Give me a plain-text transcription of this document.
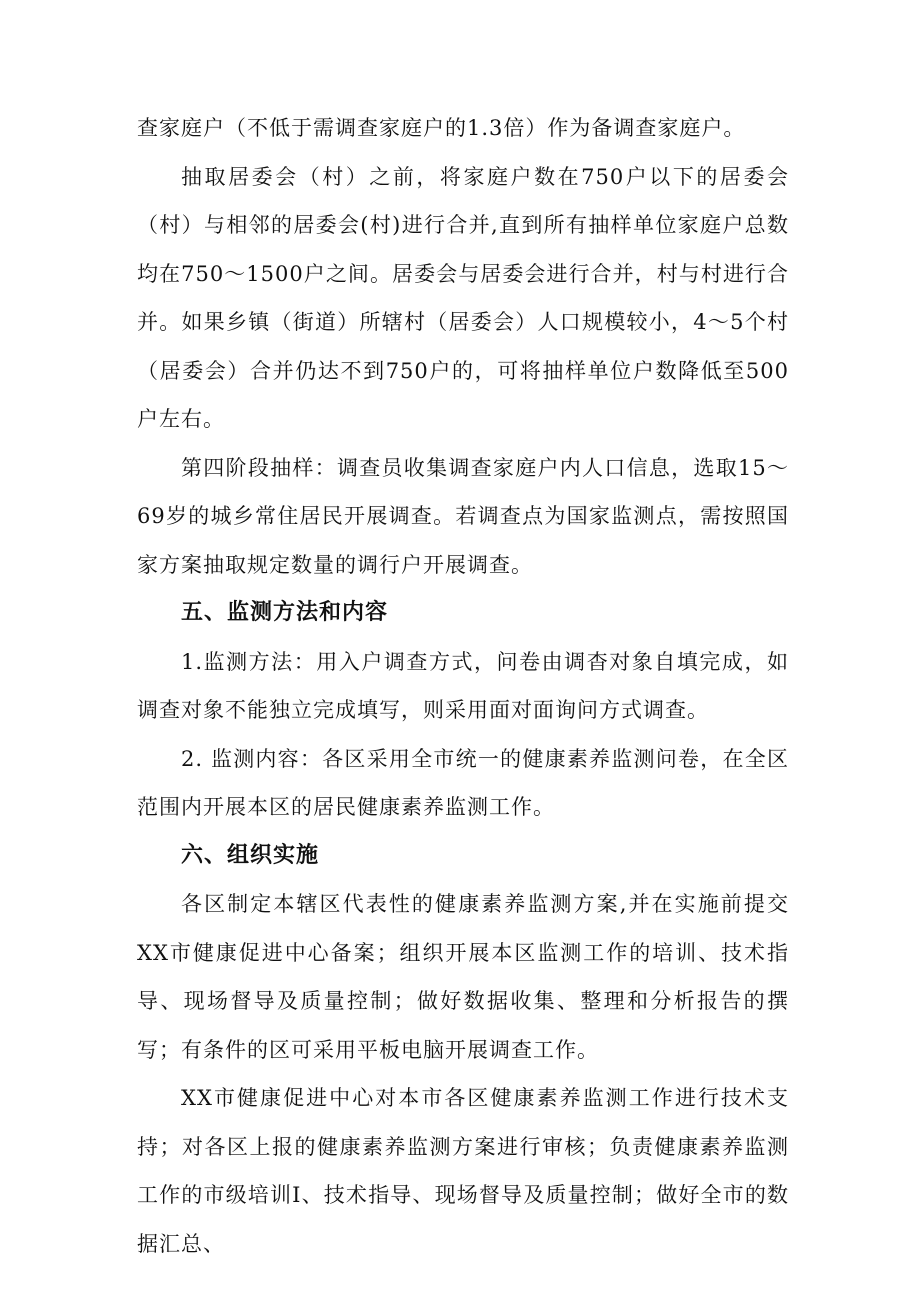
查家庭户（不低于需调查家庭户的1.3倍）作为备调查家庭户。

抽取居委会（村）之前，将家庭户数在750户以下的居委会（村）与相邻的居委会(村)进行合并,直到所有抽样单位家庭户总数均在750～1500户之间。居委会与居委会进行合并，村与村进行合并。如果乡镇（街道）所辖村（居委会）人口规模较小，4～5个村（居委会）合并仍达不到750户的，可将抽样单位户数降低至500户左右。

第四阶段抽样：调查员收集调查家庭户内人口信息，选取15～69岁的城乡常住居民开展调查。若调查点为国家监测点，需按照国家方案抽取规定数量的调行户开展调查。

五、监测方法和内容

1.监测方法：用入户调查方式，问卷由调杳对象自填完成，如调查对象不能独立完成填写，则采用面对面询问方式调查。

2. 监测内容：各区采用全市统一的健康素养监测问卷，在全区范围内开展本区的居民健康素养监测工作。

六、组织实施

各区制定本辖区代表性的健康素养监测方案,并在实施前提交XX市健康促进中心备案；组织开展本区监测工作的培训、技术指导、现场督导及质量控制；做好数据收集、整理和分析报告的撰写；有条件的区可采用平板电脑开展调查工作。

XX市健康促进中心对本市各区健康素养监测工作进行技术支持；对各区上报的健康素养监测方案进行审核；负责健康素养监测工作的市级培训I、技术指导、现场督导及质量控制；做好全市的数据汇总、
